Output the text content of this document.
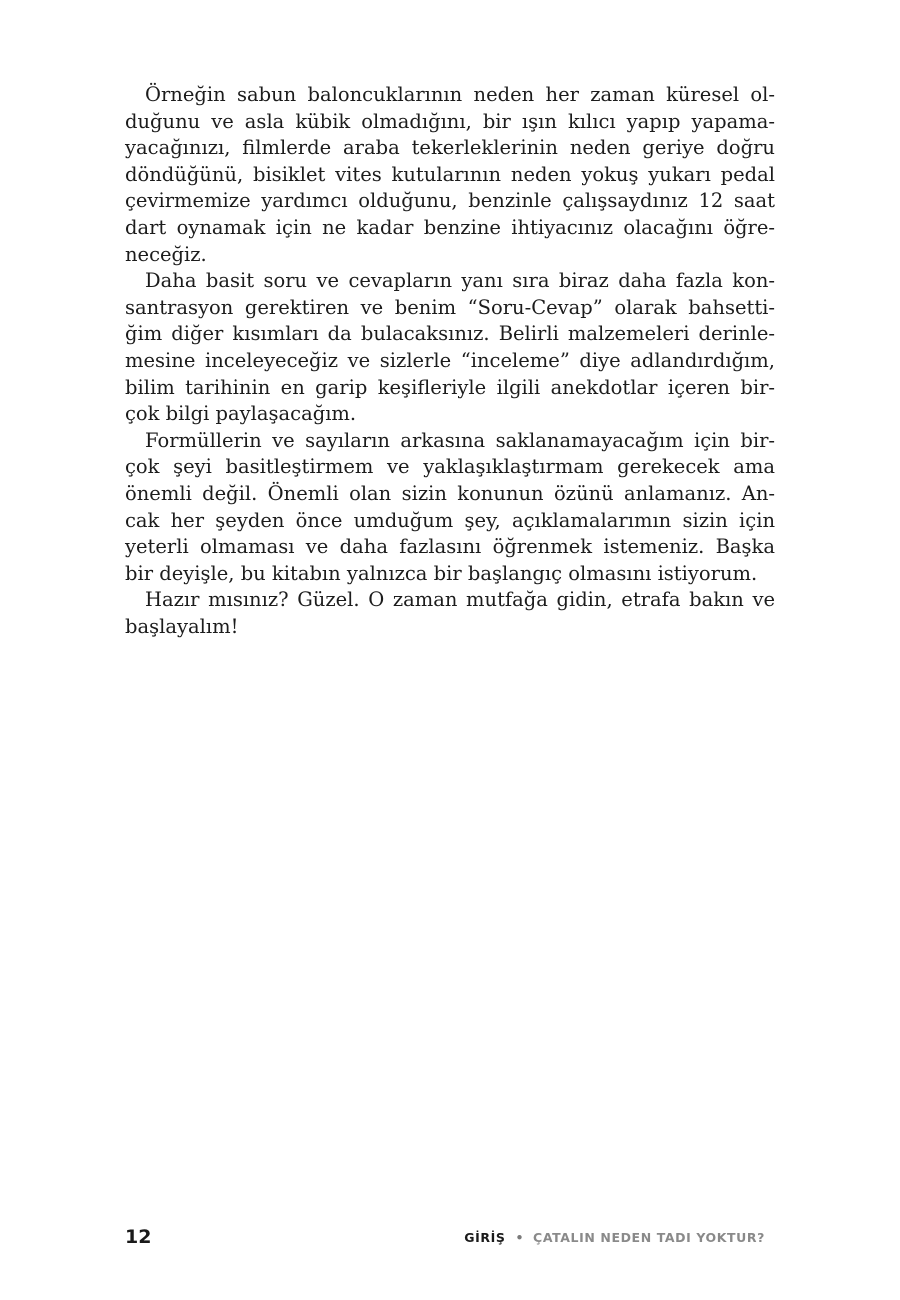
Örneğin sabun baloncuklarının neden her zaman küresel ol-
duğunu ve asla kübik olmadığını, bir ışın kılıcı yapıp yapama-
yacağınızı, filmlerde araba tekerleklerinin neden geriye doğru
döndüğünü, bisiklet vites kutularının neden yokuş yukarı pedal
çevirmemize yardımcı olduğunu, benzinle çalışsaydınız 12 saat
dart oynamak için ne kadar benzine ihtiyacınız olacağını öğre-
neceğiz.
Daha basit soru ve cevapların yanı sıra biraz daha fazla kon-
santrasyon gerektiren ve benim “Soru-Cevap” olarak bahsetti-
ğim diğer kısımları da bulacaksınız. Belirli malzemeleri derinle-
mesine inceleyeceğiz ve sizlerle “inceleme” diye adlandırdığım,
bilim tarihinin en garip keşifleriyle ilgili anekdotlar içeren bir-
çok bilgi paylaşacağım.
Formüllerin ve sayıların arkasına saklanamayacağım için bir-
çok şeyi basitleştirmem ve yaklaşıklaştırmam gerekecek ama
önemli değil. Önemli olan sizin konunun özünü anlamanız. An-
cak her şeyden önce umduğum şey, açıklamalarımın sizin için
yeterli olmaması ve daha fazlasını öğrenmek istemeniz. Başka
bir deyişle, bu kitabın yalnızca bir başlangıç olmasını istiyorum.
Hazır mısınız? Güzel. O zaman mutfağa gidin, etrafa bakın ve
başlayalım!
12	GİRİŞ • ÇATALIN NEDEN TADI YOKTUR?
